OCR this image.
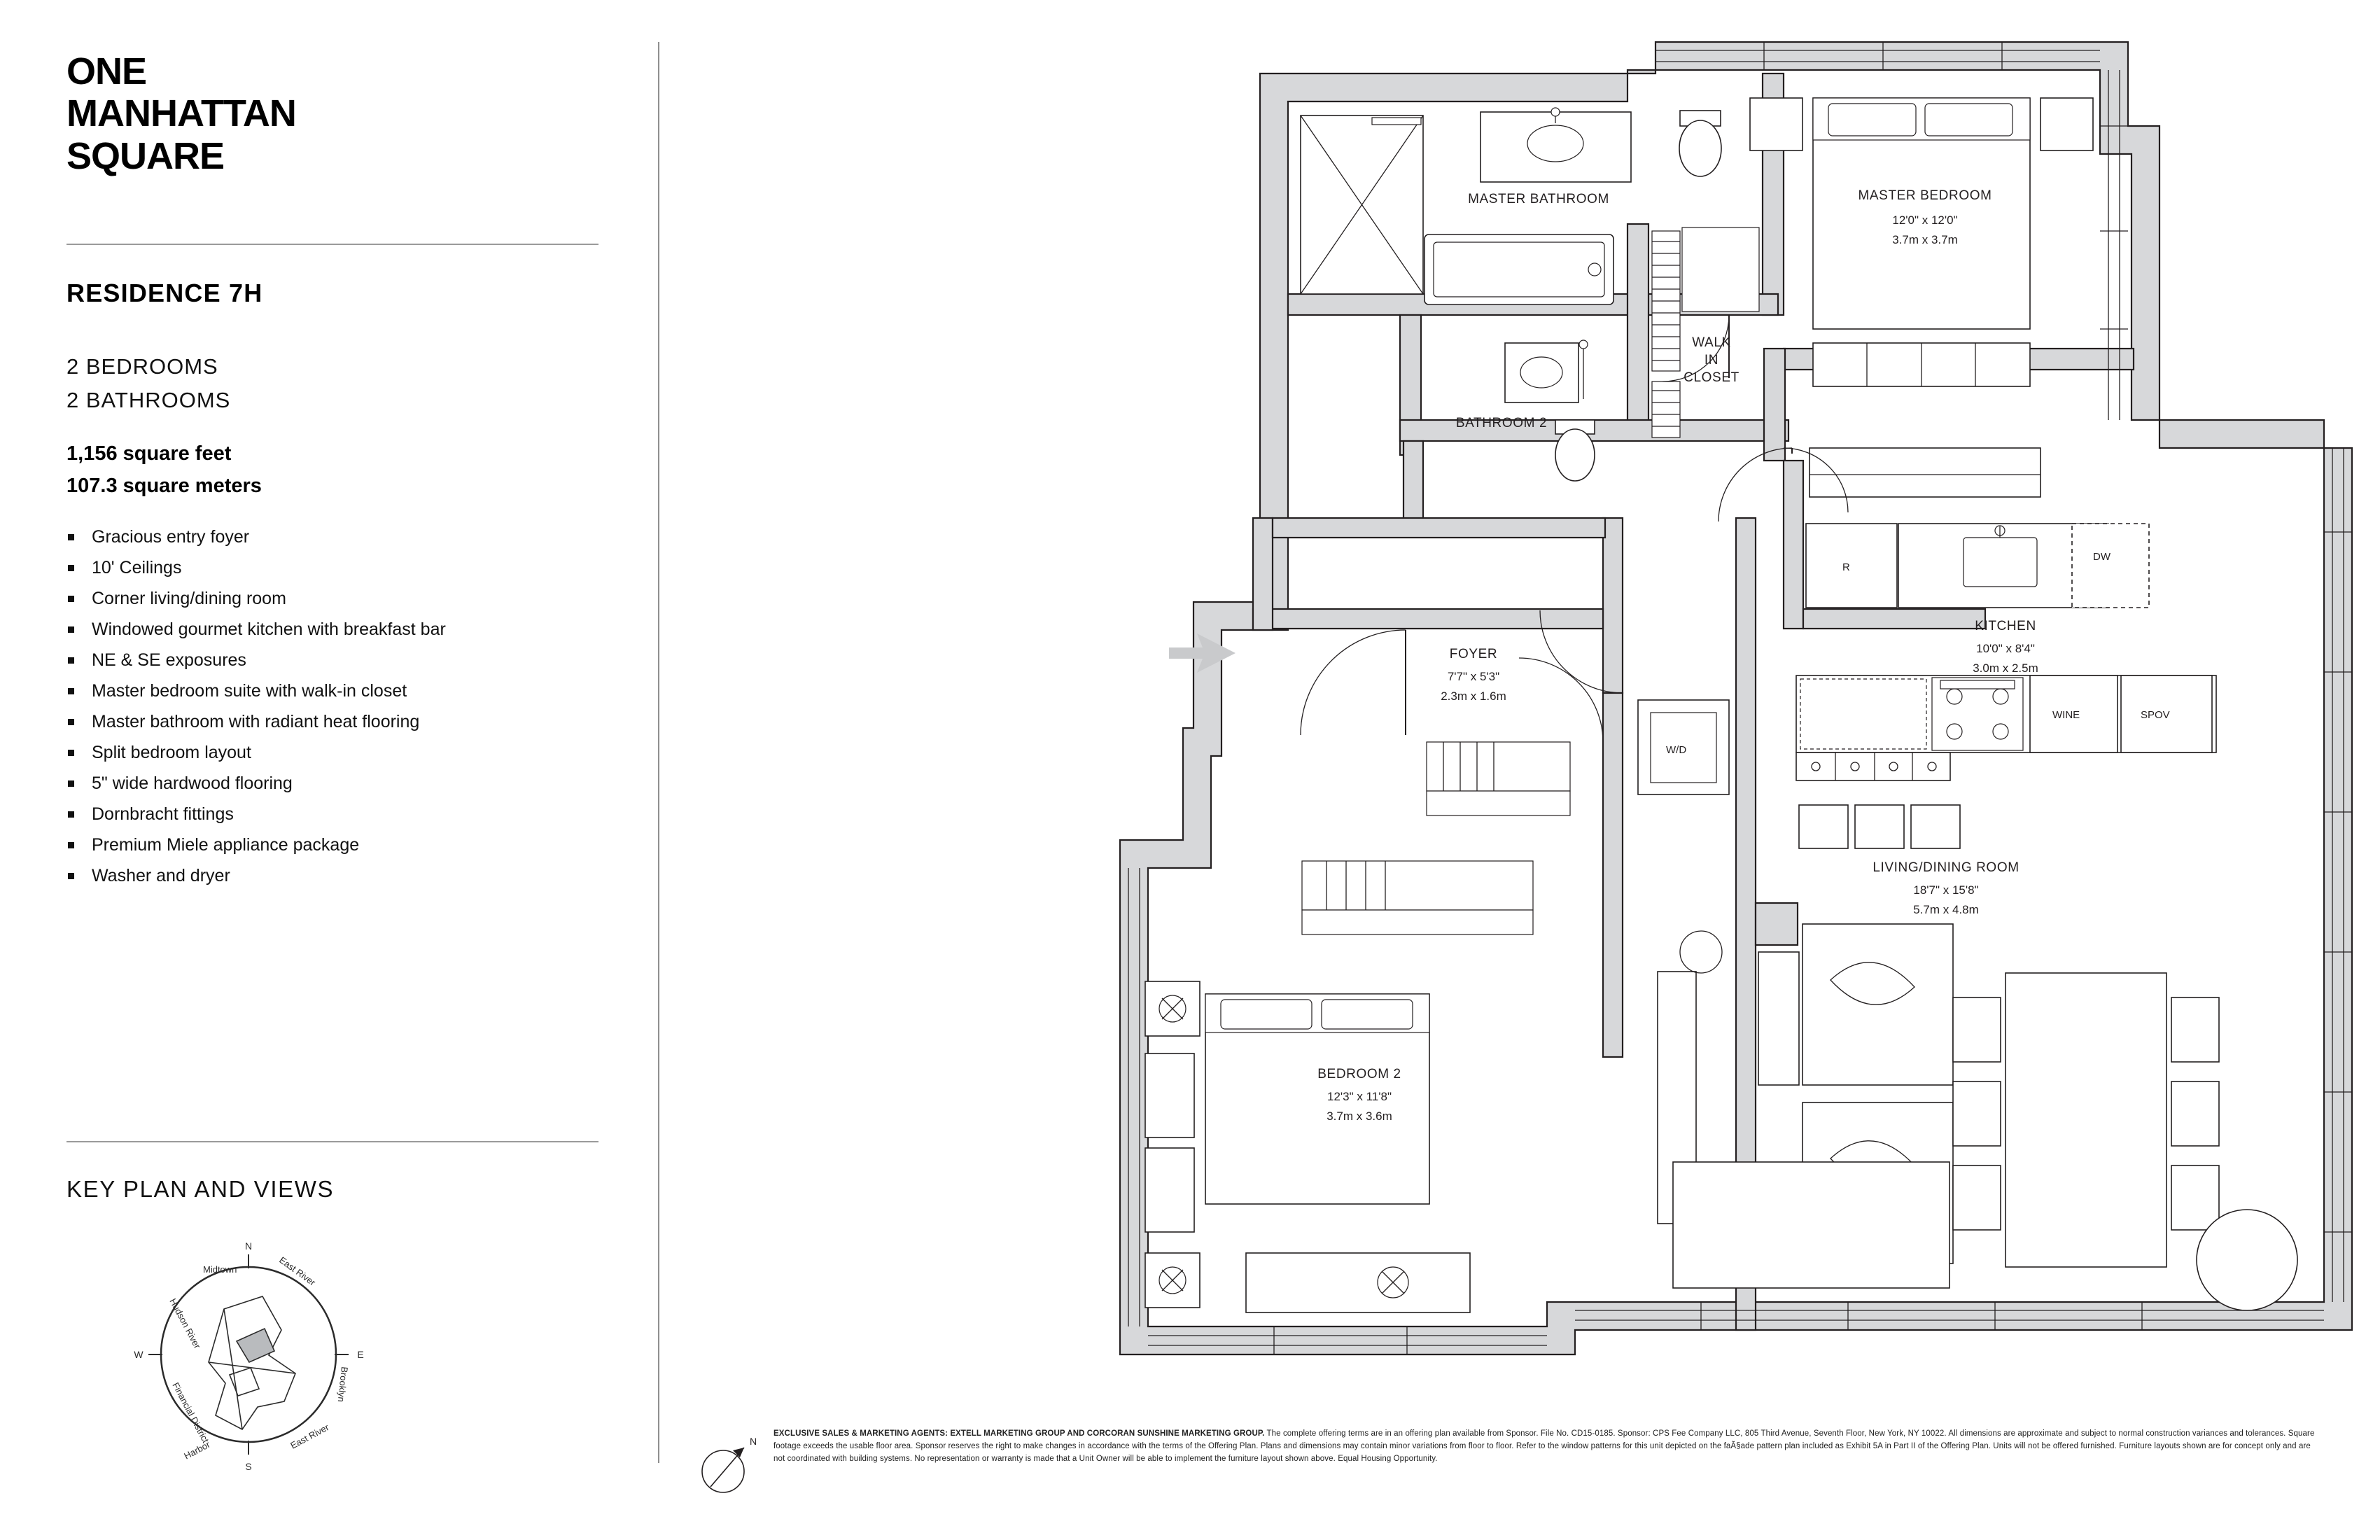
ONE
MANHATTAN
SQUARE
RESIDENCE 7H
2 BEDROOMS
2 BATHROOMS
1,156 square feet
107.3 square meters
Gracious entry foyer
10' Ceilings
Corner living/dining room
Windowed gourmet kitchen with breakfast bar
NE & SE exposures
Master bedroom suite with walk-in closet
Master bathroom with radiant heat flooring
Split bedroom layout
5" wide hardwood flooring
Dornbracht fittings
Premium Miele appliance package
Washer and dryer
KEY PLAN AND VIEWS
N
S
W	E
Hudson River
Midtown	East River
Brooklyn
East River
Harbor
Financial District
R
DW
WINE	SPOV
W/D
MASTER BATHROOM	MASTER BEDROOM
12'0" x 12'0"
3.7m x 3.7m
BATHROOM 2
WALK
IN
CLOSET
KITCHEN
10'0" x 8'4"
3.0m x 2.5m
FOYER
7'7" x 5'3"
2.3m x 1.6m
LIVING/DINING ROOM
18'7" x 15'8"
5.7m x 4.8m
BEDROOM 2
12'3" x 11'8"
3.7m x 3.6m
N
EXCLUSIVE SALES & MARKETING AGENTS: EXTELL MARKETING GROUP AND CORCORAN SUNSHINE MARKETING GROUP. The complete offering terms are in an offering plan available from Sponsor. File No. CD15-0185. Sponsor: CPS Fee Company LLC, 805 Third Avenue, Seventh Floor, New York, NY 10022. All dimensions are approximate and subject to normal construction variances and tolerances. Square footage exceeds the usable floor area. Sponsor reserves the right to make changes in accordance with the terms of the Offering Plan. Plans and dimensions may contain minor variations from floor to floor. Refer to the window patterns for this unit depicted on the faÃ§ade pattern plan included as Exhibit 5A in Part II of the Offering Plan. Units will not be offered furnished. Furniture layouts shown are for concept only and are not coordinated with building systems. No representation or warranty is made that a Unit Owner will be able to implement the furniture layout shown above. Equal Housing Opportunity.
